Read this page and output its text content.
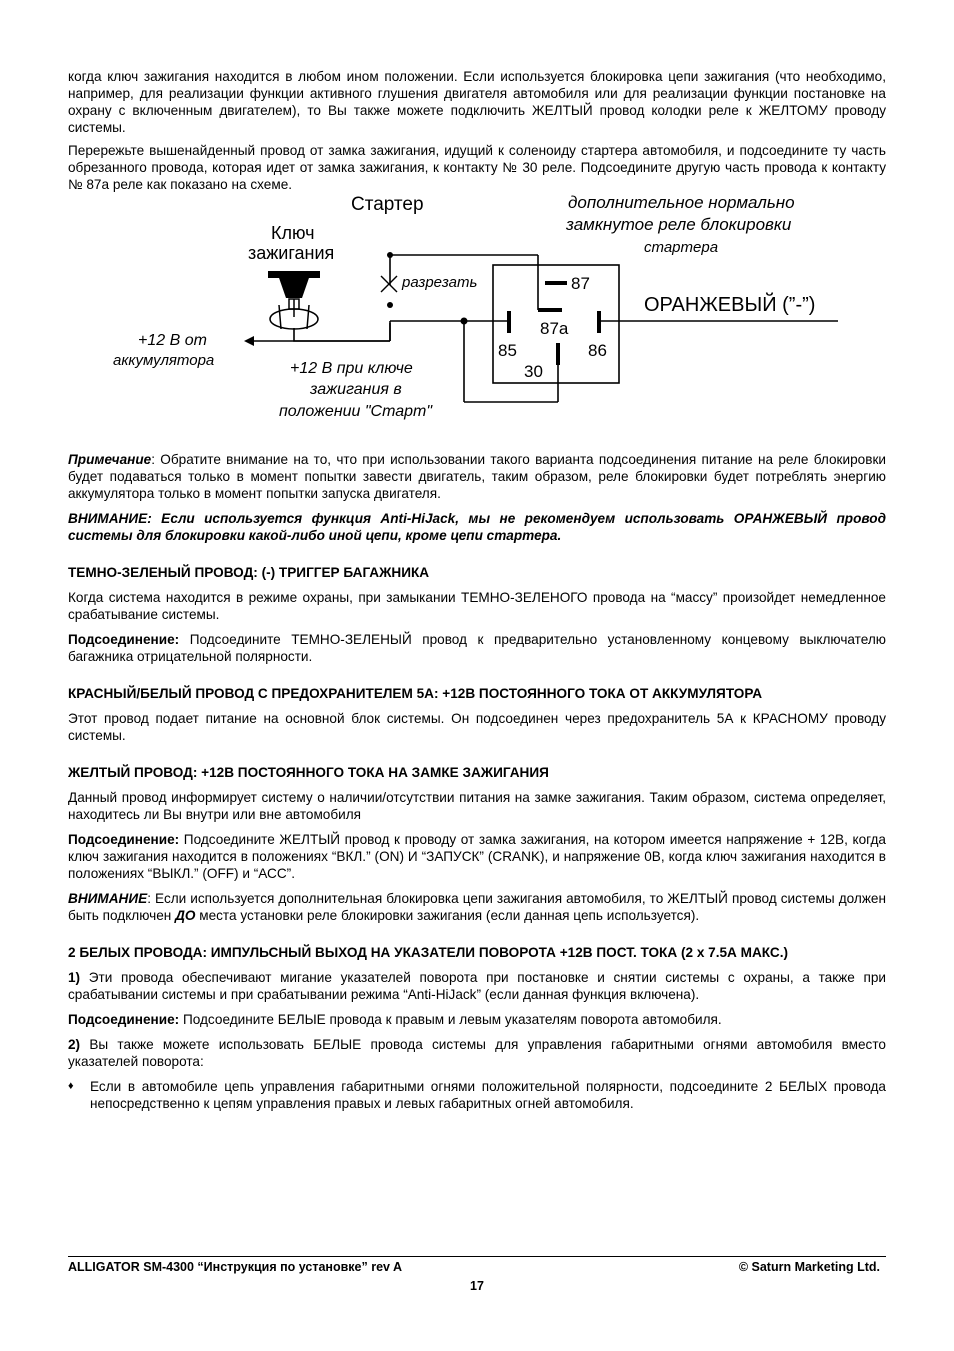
когда ключ зажигания находится в любом ином положении. Если используется блокировка цепи зажигания (что необходимо, например, для реализации функции активного глушения двигателя автомобиля или для реализации функции постановке на охрану с включенным двигателем), то Вы также можете подключить ЖЕЛТЫЙ провод колодки реле к ЖЕЛТОМУ проводу системы.

Перережьте вышенайденный провод от замка зажигания, идущий к соленоиду стартера автомобиля, и подсоедините ту часть обрезанного провода, которая идет от замка зажигания, к контакту № 30 реле. Подсоедините другую часть провода к контакту № 87а реле как показано на схеме.

Стартер
Ключ
зажигания
разрезать
дополнительное нормально
замкнутое реле блокировки
стартера
ОРАНЖЕВЫЙ (”-”)
87
87a
85	86
30
+12 В от
аккумулятора	+12 В при ключе
зажигания в
положении "Старт"

Примечание: Обратите внимание на то, что при использовании такого варианта подсоединения питание на реле блокировки будет подаваться только в момент попытки завести двигатель, таким образом, реле блокировки будет потреблять энергию аккумулятора только в момент попытки запуска двигателя.

ВНИМАНИЕ: Если используется функция Anti-HiJack, мы не рекомендуем использовать ОРАНЖЕВЫЙ провод системы для блокировки какой-либо иной цепи, кроме цепи стартера.

ТЕМНО-ЗЕЛЕНЫЙ ПРОВОД: (-) ТРИГГЕР БАГАЖНИКА

Когда система находится в режиме охраны, при замыкании ТЕМНО-ЗЕЛЕНОГО провода на “массу” произойдет немедленное срабатывание системы.

Подсоединение: Подсоедините ТЕМНО-ЗЕЛЕНЫЙ провод к предварительно установленному концевому выключателю багажника отрицательной полярности.

КРАСНЫЙ/БЕЛЫЙ ПРОВОД С ПРЕДОХРАНИТЕЛЕМ 5А: +12В ПОСТОЯННОГО ТОКА ОТ АККУМУЛЯТОРА

Этот провод подает питание на основной блок системы. Он подсоединен через предохранитель 5А к КРАСНОМУ проводу системы.

ЖЕЛТЫЙ ПРОВОД: +12В ПОСТОЯННОГО ТОКА НА ЗАМКЕ ЗАЖИГАНИЯ

Данный провод информирует систему о наличии/отсутствии питания на замке зажигания. Таким образом, система определяет, находитесь ли Вы внутри или вне автомобиля

Подсоединение: Подсоедините ЖЕЛТЫЙ провод к проводу от замка зажигания, на котором имеется напряжение + 12В, когда ключ зажигания находится в положениях “ВКЛ.” (ON) И “ЗАПУСК” (CRANK), и напряжение 0В, когда ключ зажигания находится в положениях “ВЫКЛ.” (OFF) и “АСС”.

ВНИМАНИЕ: Если используется дополнительная блокировка цепи зажигания автомобиля, то ЖЕЛТЫЙ провод системы должен быть подключен ДО места установки реле блокировки зажигания (если данная цепь используется).

2 БЕЛЫХ ПРОВОДА: ИМПУЛЬСНЫЙ ВЫХОД НА УКАЗАТЕЛИ ПОВОРОТА +12В ПОСТ. ТОКА (2 х 7.5А МАКС.)

1) Эти провода обеспечивают мигание указателей поворота при постановке и снятии системы с охраны, а также при срабатывании системы и при срабатывании режима “Anti-HiJack” (если данная функция включена).

Подсоединение: Подсоедините БЕЛЫЕ провода к правым и левым указателям поворота автомобиля.

2) Вы также можете использовать БЕЛЫЕ провода системы для управления габаритными огнями автомобиля вместо указателей поворота:

♦	Если в автомобиле цепь управления габаритными огнями положительной полярности, подсоедините 2 БЕЛЫХ провода непосредственно к цепям управления правых и левых габаритных огней автомобиля.

ALLIGATOR SM-4300 “Инструкция по установке” rev A	© Saturn Marketing Ltd.
17
